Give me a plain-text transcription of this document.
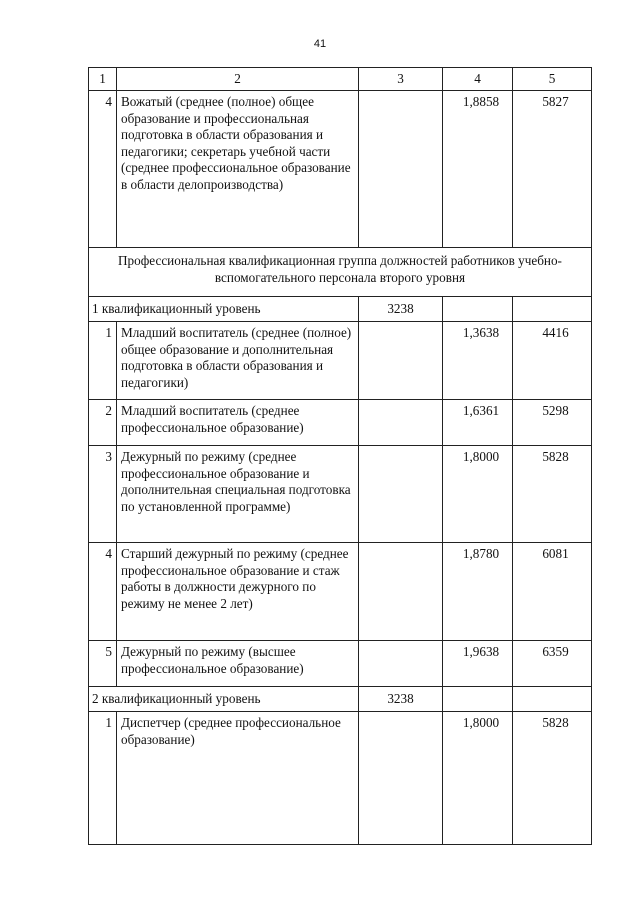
41
1	2	3	4	5
4	Вожатый (среднее (полное) общее образование и профессиональная подготовка в области образования и педагогики; секретарь учебной части (среднее профессиональное образование в области делопроизводства)		1,8858	5827
Профессиональная квалификационная группа должностей работников учебно-вспомогательного персонала второго уровня				
1 квалификационный уровень		3238		
1	Младший воспитатель (среднее (полное) общее образование и дополнительная подготовка в области образования и педагогики)		1,3638	4416
2	Младший воспитатель (среднее профессиональное образование)		1,6361	5298
3	Дежурный по режиму (среднее профессиональное образование и дополнительная специальная подготовка по установленной программе)		1,8000	5828
4	Старший дежурный по режиму (среднее профессиональное образование и стаж работы в должности дежурного по режиму не менее 2 лет)		1,8780	6081
5	Дежурный по режиму (высшее профессиональное образование)		1,9638	6359
2 квалификационный уровень		3238		
1	Диспетчер (среднее профессиональное образование)		1,8000	5828
